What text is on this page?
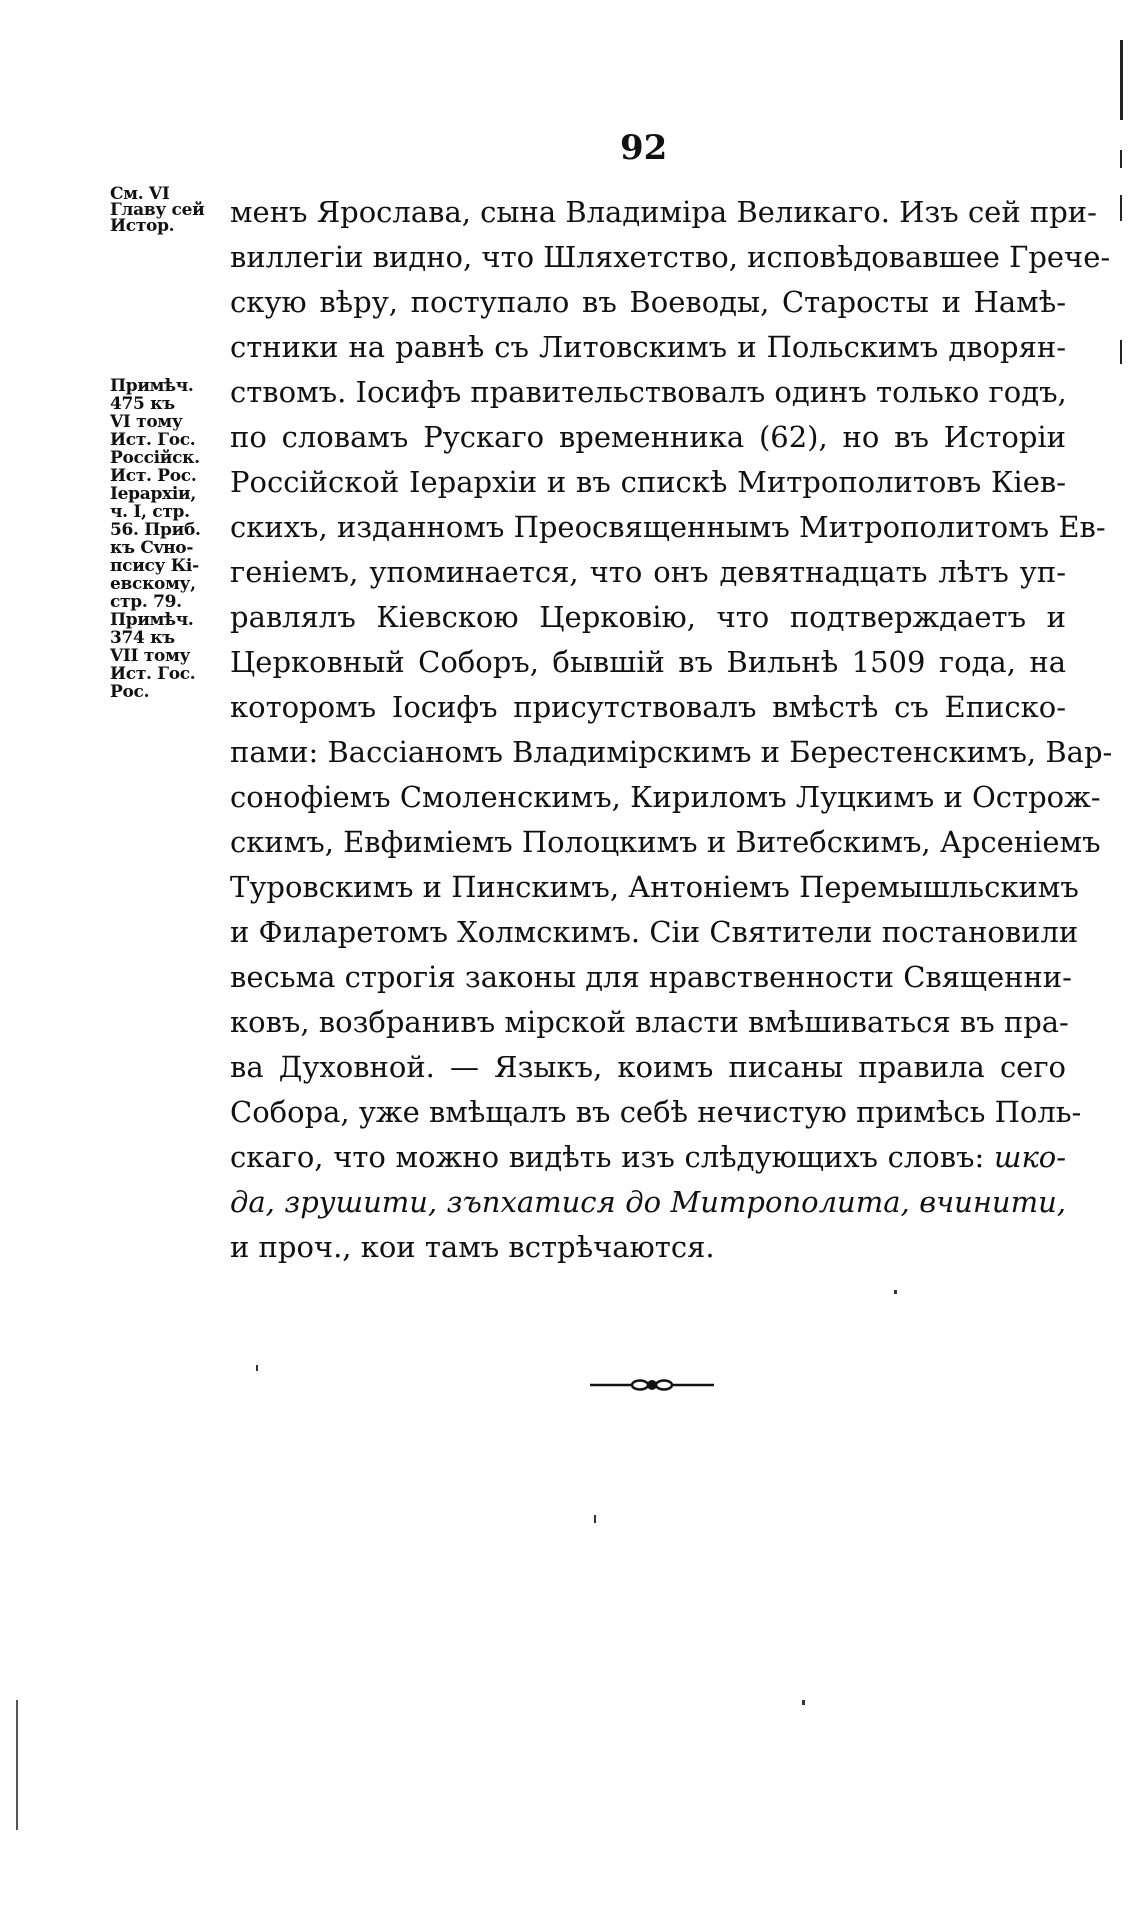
92
См. VI
Главу сей
Истор.
Примѣч.
475 къ
VI тому
Ист. Гос.
Россійск.
Ист. Рос.
Іерархіи,
ч. I, стр.
56. Приб.
къ Сvно-
псису Кі-
евскому,
стр. 79.
Примѣч.
374 къ
VII тому
Ист. Гос.
Рос.
менъ Ярослава, сына Владиміра Великаго. Изъ сей при-
виллегіи видно, что Шляхетство, исповѣдовавшее Грече-
скую вѣру, поступало въ Воеводы, Старосты и Намѣ-
стники на равнѣ съ Литовскимъ и Польскимъ дворян-
ствомъ. Іосифъ правительствовалъ одинъ только годъ,
по словамъ Рускаго временника (62), но въ Исторіи
Россійской Іерархіи и въ спискѣ Митрополитовъ Кіев-
скихъ, изданномъ Преосвященнымъ Митрополитомъ Ев-
геніемъ, упоминается, что онъ девятнадцать лѣтъ уп-
равлялъ Кіевскою Церковію, что подтверждаетъ и
Церковный Соборъ, бывшій въ Вильнѣ 1509 года, на
которомъ Іосифъ присутствовалъ вмѣстѣ съ Еписко-
пами: Вассіаномъ Владимірскимъ и Берестенскимъ, Вар-
сонофіемъ Смоленскимъ, Кириломъ Луцкимъ и Острож-
скимъ, Евфиміемъ Полоцкимъ и Витебскимъ, Арсеніемъ
Туровскимъ и Пинскимъ, Антоніемъ Перемышльскимъ
и Филаретомъ Холмскимъ. Сіи Святители постановили
весьма строгія законы для нравственности Священни-
ковъ, возбранивъ мірской власти вмѣшиваться въ пра-
ва Духовной. — Языкъ, коимъ писаны правила сего
Собора, уже вмѣщалъ въ себѣ нечистую примѣсь Поль-
скаго, что можно видѣть изъ слѣдующихъ словъ: шко-
да, зрушити, зъпхатися до Митрополита, вчинити,
и проч., кои тамъ встрѣчаются.
